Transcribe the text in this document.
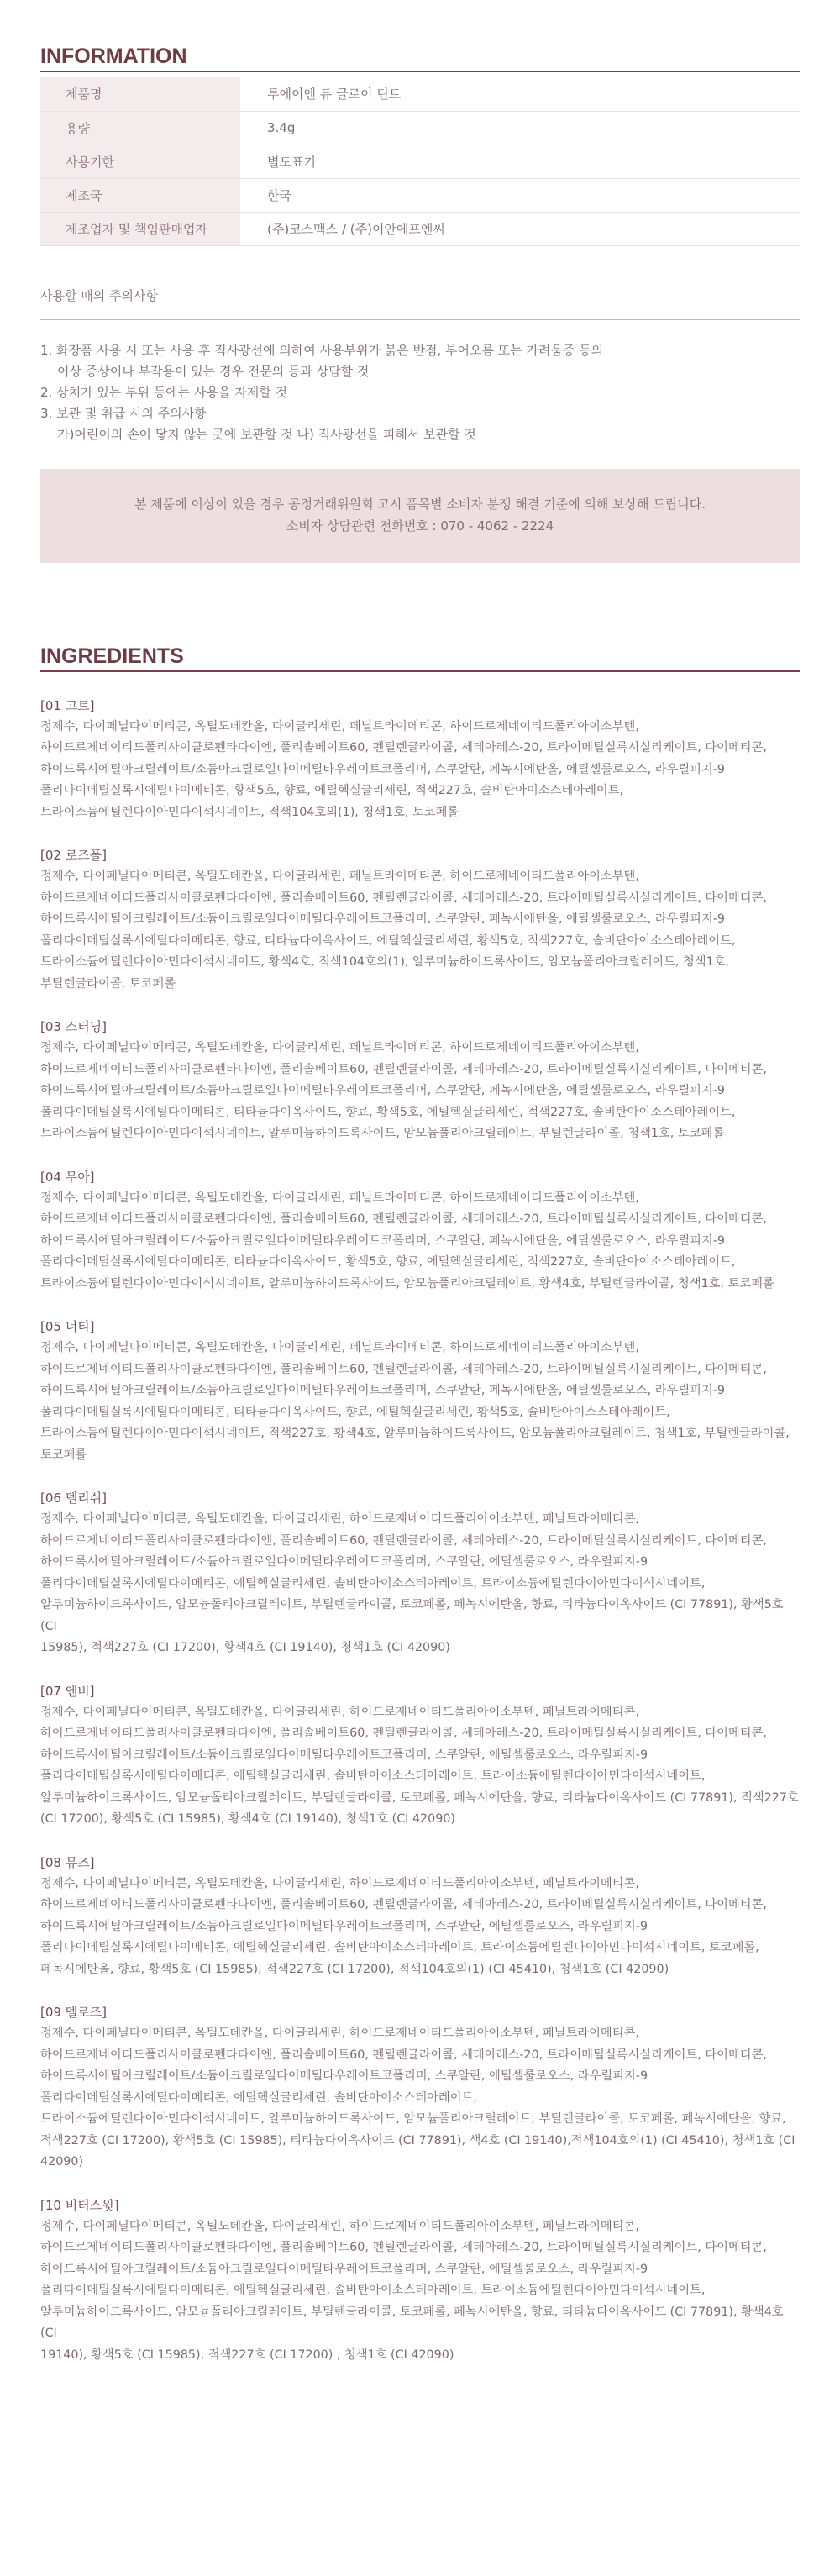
INFORMATION
제품명	투에이엔 듀 글로이 틴트
용량	3.4g
사용기한	별도표기
제조국	한국
제조업자 및 책임판매업자	(주)코스맥스 / (주)이안에프엔씨
사용할 때의 주의사항
1. 화장품 사용 시 또는 사용 후 직사광선에 의하여 사용부위가 붉은 반점, 부어오름 또는 가려움증 등의
이상 증상이나 부작용이 있는 경우 전문의 등과 상담할 것
2. 상처가 있는 부위 등에는 사용을 자제할 것
3. 보관 및 취급 시의 주의사항
가)어린이의 손이 닿지 않는 곳에 보관할 것 나) 직사광선을 피해서 보관할 것
본 제품에 이상이 있을 경우 공정거래위원회 고시 품목별 소비자 분쟁 해결 기준에 의해 보상해 드립니다.
소비자 상담관련 전화번호 : 070 - 4062 - 2224
INGREDIENTS
[01 고트]
정제수, 다이페닐다이메티콘, 옥틸도데칸올, 다이글리세린, 페닐트라이메티콘, 하이드로제네이티드폴리아이소부텐,
하이드로제네이티드폴리사이클로펜타다이엔, 폴리솔베이트60, 펜틸렌글라이콜, 세테아레스-20, 트라이메틸실록시실리케이트, 다이메티콘,
하이드록시에틸아크릴레이트/소듐아크릴로일다이메틸타우레이트코폴리머, 스쿠알란, 페녹시에탄올, 에틸셀룰로오스, 라우릴피지-9
폴리다이메틸실록시에틸다이메티콘, 황색5호, 향료, 에틸헥실글리세린, 적색227호, 솔비탄아이소스테아레이트,
트라이소듐에틸렌다이아민다이석시네이트, 적색104호의(1), 청색1호, 토코페롤
[02 로즈폴]
정제수, 다이페닐다이메티콘, 옥틸도데칸올, 다이글리세린, 페닐트라이메티콘, 하이드로제네이티드폴리아이소부텐,
하이드로제네이티드폴리사이클로펜타다이엔, 폴리솔베이트60, 펜틸렌글라이콜, 세테아레스-20, 트라이메틸실록시실리케이트, 다이메티콘,
하이드록시에틸아크릴레이트/소듐아크릴로일다이메틸타우레이트코폴리머, 스쿠알란, 페녹시에탄올, 에틸셀룰로오스, 라우릴피지-9
폴리다이메틸실록시에틸다이메티콘, 향료, 티타늄다이옥사이드, 에틸헥실글리세린, 황색5호, 적색227호, 솔비탄아이소스테아레이트,
트라이소듐에틸렌다이아민다이석시네이트, 황색4호, 적색104호의(1), 알루미늄하이드록사이드, 암모늄폴리아크릴레이트, 청색1호,
부틸렌글라이콜, 토코페롤
[03 스터닝]
정제수, 다이페닐다이메티콘, 옥틸도데칸올, 다이글리세린, 페닐트라이메티콘, 하이드로제네이티드폴리아이소부텐,
하이드로제네이티드폴리사이클로펜타다이엔, 폴리솔베이트60, 펜틸렌글라이콜, 세테아레스-20, 트라이메틸실록시실리케이트, 다이메티콘,
하이드록시에틸아크릴레이트/소듐아크릴로일다이메틸타우레이트코폴리머, 스쿠알란, 페녹시에탄올, 에틸셀룰로오스, 라우릴피지-9
폴리다이메틸실록시에틸다이메티콘, 티타늄다이옥사이드, 향료, 황색5호, 에틸헥실글리세린, 적색227호, 솔비탄아이소스테아레이트,
트라이소듐에틸렌다이아민다이석시네이트, 알루미늄하이드록사이드, 암모늄폴리아크릴레이트, 부틸렌글라이콜, 청색1호, 토코페롤
[04 무아]
정제수, 다이페닐다이메티콘, 옥틸도데칸올, 다이글리세린, 페닐트라이메티콘, 하이드로제네이티드폴리아이소부텐,
하이드로제네이티드폴리사이클로펜타다이엔, 폴리솔베이트60, 펜틸렌글라이콜, 세테아레스-20, 트라이메틸실록시실리케이트, 다이메티콘,
하이드록시에틸아크릴레이트/소듐아크릴로일다이메틸타우레이트코폴리머, 스쿠알란, 페녹시에탄올, 에틸셀룰로오스, 라우릴피지-9
폴리다이메틸실록시에틸다이메티콘, 티타늄다이옥사이드, 황색5호, 향료, 에틸헥실글리세린, 적색227호, 솔비탄아이소스테아레이트,
트라이소듐에틸렌다이아민다이석시네이트, 알루미늄하이드록사이드, 암모늄폴리아크릴레이트, 황색4호, 부틸렌글라이콜, 청색1호, 토코페롤
[05 너티]
정제수, 다이페닐다이메티콘, 옥틸도데칸올, 다이글리세린, 페닐트라이메티콘, 하이드로제네이티드폴리아이소부텐,
하이드로제네이티드폴리사이클로펜타다이엔, 폴리솔베이트60, 펜틸렌글라이콜, 세테아레스-20, 트라이메틸실록시실리케이트, 다이메티콘,
하이드록시에틸아크릴레이트/소듐아크릴로일다이메틸타우레이트코폴리머, 스쿠알란, 페녹시에탄올, 에틸셀룰로오스, 라우릴피지-9
폴리다이메틸실록시에틸다이메티콘, 티타늄다이옥사이드, 향료, 에틸헥실글리세린, 황색5호, 솔비탄아이소스테아레이트,
트라이소듐에틸렌다이아민다이석시네이트, 적색227호, 황색4호, 알루미늄하이드록사이드, 암모늄폴리아크릴레이트, 청색1호, 부틸렌글라이콜,
토코페롤
[06 델리쉬]
정제수, 다이페닐다이메티콘, 옥틸도데칸올, 다이글리세린, 하이드로제네이티드폴리아이소부텐, 페닐트라이메티콘,
하이드로제네이티드폴리사이클로펜타다이엔, 폴리솔베이트60, 펜틸렌글라이콜, 세테아레스-20, 트라이메틸실록시실리케이트, 다이메티콘,
하이드록시에틸아크릴레이트/소듐아크릴로일다이메틸타우레이트코폴리머, 스쿠알란, 에틸셀룰로오스, 라우릴피지-9
폴리다이메틸실록시에틸다이메티콘, 에틸헥실글리세린, 솔비탄아이소스테아레이트, 트라이소듐에틸렌다이아민다이석시네이트,
알루미늄하이드록사이드, 암모늄폴리아크릴레이트, 부틸렌글라이콜, 토코페롤, 페녹시에탄올, 향료, 티타늄다이옥사이드 (CI 77891), 황색5호 (CI
15985), 적색227호 (CI 17200), 황색4호 (CI 19140), 청색1호 (CI 42090)
[07 엔비]
정제수, 다이페닐다이메티콘, 옥틸도데칸올, 다이글리세린, 하이드로제네이티드폴리아이소부텐, 페닐트라이메티콘,
하이드로제네이티드폴리사이클로펜타다이엔, 폴리솔베이트60, 펜틸렌글라이콜, 세테아레스-20, 트라이메틸실록시실리케이트, 다이메티콘,
하이드록시에틸아크릴레이트/소듐아크릴로일다이메틸타우레이트코폴리머, 스쿠알란, 에틸셀룰로오스, 라우릴피지-9
폴리다이메틸실록시에틸다이메티콘, 에틸헥실글리세린, 솔비탄아이소스테아레이트, 트라이소듐에틸렌다이아민다이석시네이트,
알루미늄하이드록사이드, 암모늄폴리아크릴레이트, 부틸렌글라이콜, 토코페롤, 페녹시에탄올, 향료, 티타늄다이옥사이드 (CI 77891), 적색227호
(CI 17200), 황색5호 (CI 15985), 황색4호 (CI 19140), 청색1호 (CI 42090)
[08 뮤즈]
정제수, 다이페닐다이메티콘, 옥틸도데칸올, 다이글리세린, 하이드로제네이티드폴리아이소부텐, 페닐트라이메티콘,
하이드로제네이티드폴리사이클로펜타다이엔, 폴리솔베이트60, 펜틸렌글라이콜, 세테아레스-20, 트라이메틸실록시실리케이트, 다이메티콘,
하이드록시에틸아크릴레이트/소듐아크릴로일다이메틸타우레이트코폴리머, 스쿠알란, 에틸셀룰로오스, 라우릴피지-9
폴리다이메틸실록시에틸다이메티콘, 에틸헥실글리세린, 솔비탄아이소스테아레이트, 트라이소듐에틸렌다이아민다이석시네이트, 토코페롤,
페녹시에탄올, 향료, 황색5호 (CI 15985), 적색227호 (CI 17200), 적색104호의(1) (CI 45410), 청색1호 (CI 42090)
[09 멜로즈]
정제수, 다이페닐다이메티콘, 옥틸도데칸올, 다이글리세린, 하이드로제네이티드폴리아이소부텐, 페닐트라이메티콘,
하이드로제네이티드폴리사이클로펜타다이엔, 폴리솔베이트60, 펜틸렌글라이콜, 세테아레스-20, 트라이메틸실록시실리케이트, 다이메티콘,
하이드록시에틸아크릴레이트/소듐아크릴로일다이메틸타우레이트코폴리머, 스쿠알란, 에틸셀룰로오스, 라우릴피지-9
폴리다이메틸실록시에틸다이메티콘, 에틸헥실글리세린, 솔비탄아이소스테아레이트,
트라이소듐에틸렌다이아민다이석시네이트, 알루미늄하이드록사이드, 암모늄폴리아크릴레이트, 부틸렌글라이콜, 토코페롤, 페녹시에탄올, 향료,
적색227호 (CI 17200), 황색5호 (CI 15985), 티타늄다이옥사이드 (CI 77891), 색4호 (CI 19140),적색104호의(1) (CI 45410), 청색1호 (CI
42090)
[10 비터스윗]
정제수, 다이페닐다이메티콘, 옥틸도데칸올, 다이글리세린, 하이드로제네이티드폴리아이소부텐, 페닐트라이메티콘,
하이드로제네이티드폴리사이클로펜타다이엔, 폴리솔베이트60, 펜틸렌글라이콜, 세테아레스-20, 트라이메틸실록시실리케이트, 다이메티콘,
하이드록시에틸아크릴레이트/소듐아크릴로일다이메틸타우레이트코폴리머, 스쿠알란, 에틸셀룰로오스, 라우릴피지-9
폴리다이메틸실록시에틸다이메티콘, 에틸헥실글리세린, 솔비탄아이소스테아레이트, 트라이소듐에틸렌다이아민다이석시네이트,
알루미늄하이드록사이드, 암모늄폴리아크릴레이트, 부틸렌글라이콜, 토코페롤, 페녹시에탄올, 향료, 티타늄다이옥사이드 (CI 77891), 황색4호 (CI
19140), 황색5호 (CI 15985), 적색227호 (CI 17200) , 청색1호 (CI 42090)
